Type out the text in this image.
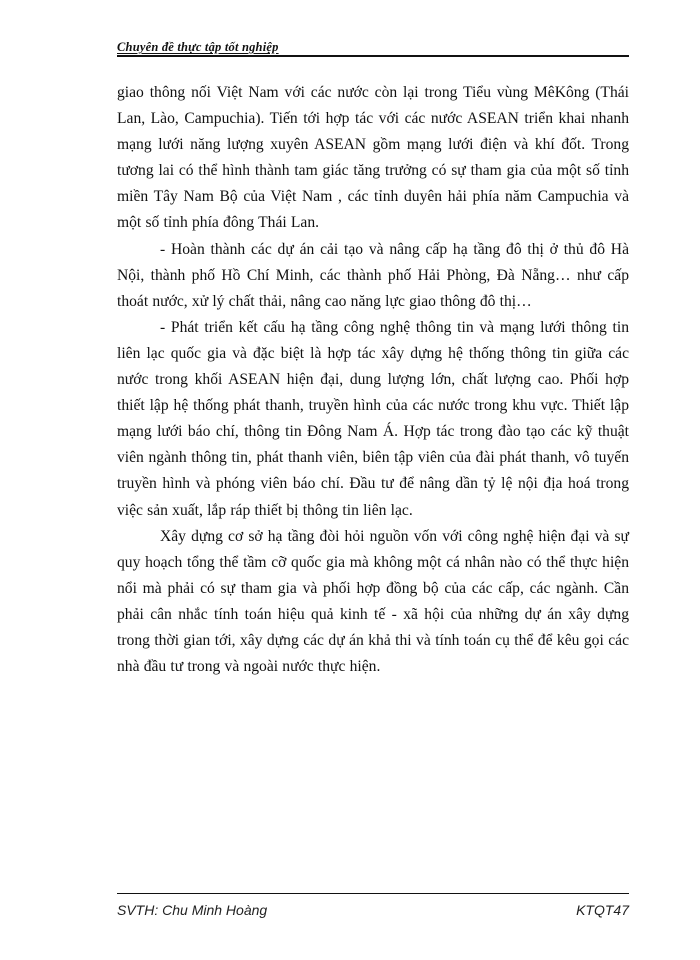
Chuyên đề thực tập tốt nghiệp

giao thông nối Việt Nam với các nước còn lại trong Tiểu vùng MêKông (Thái Lan, Lào, Campuchia). Tiến tới hợp tác với các nước ASEAN triển khai nhanh mạng lưới năng lượng xuyên ASEAN gồm mạng lưới điện và khí đốt. Trong tương lai có thể hình thành tam giác tăng trưởng có sự tham gia của một số tỉnh miền Tây Nam Bộ của Việt Nam , các tỉnh duyên hải phía năm Campuchia và một số tỉnh phía đông Thái Lan.

- Hoàn thành các dự án cải tạo và nâng cấp hạ tầng đô thị ở thủ đô Hà Nội, thành phố Hồ Chí Minh, các thành phố Hải Phòng, Đà Nẵng… như cấp thoát nước, xử lý chất thải, nâng cao năng lực giao thông đô thị…

- Phát triển kết cấu hạ tầng công nghệ thông tin và mạng lưới thông tin liên lạc quốc gia và đặc biệt là hợp tác xây dựng hệ thống thông tin giữa các nước trong khối ASEAN hiện đại, dung lượng lớn, chất lượng cao. Phối hợp thiết lập hệ thống phát thanh, truyền hình của các nước trong khu vực. Thiết lập mạng lưới báo chí, thông tin Đông Nam Á. Hợp tác trong đào tạo các kỹ thuật viên ngành thông tin, phát thanh viên, biên tập viên của đài phát thanh, vô tuyến truyền hình và phóng viên báo chí. Đầu tư để nâng dần tỷ lệ nội địa hoá trong việc sản xuất, lắp ráp thiết bị thông tin liên lạc.

Xây dựng cơ sở hạ tầng đòi hỏi nguồn vốn với công nghệ hiện đại và sự quy hoạch tổng thể tầm cỡ quốc gia mà không một cá nhân nào có thể thực hiện nổi mà phải có sự tham gia và phối hợp đồng bộ của các cấp, các ngành. Cần phải cân nhắc tính toán hiệu quả kinh tế - xã hội của những dự án xây dựng trong thời gian tới, xây dựng các dự án khả thi và tính toán cụ thể để kêu gọi các nhà đầu tư trong và ngoài nước thực hiện.

SVTH: Chu Minh Hoàng	KTQT47
